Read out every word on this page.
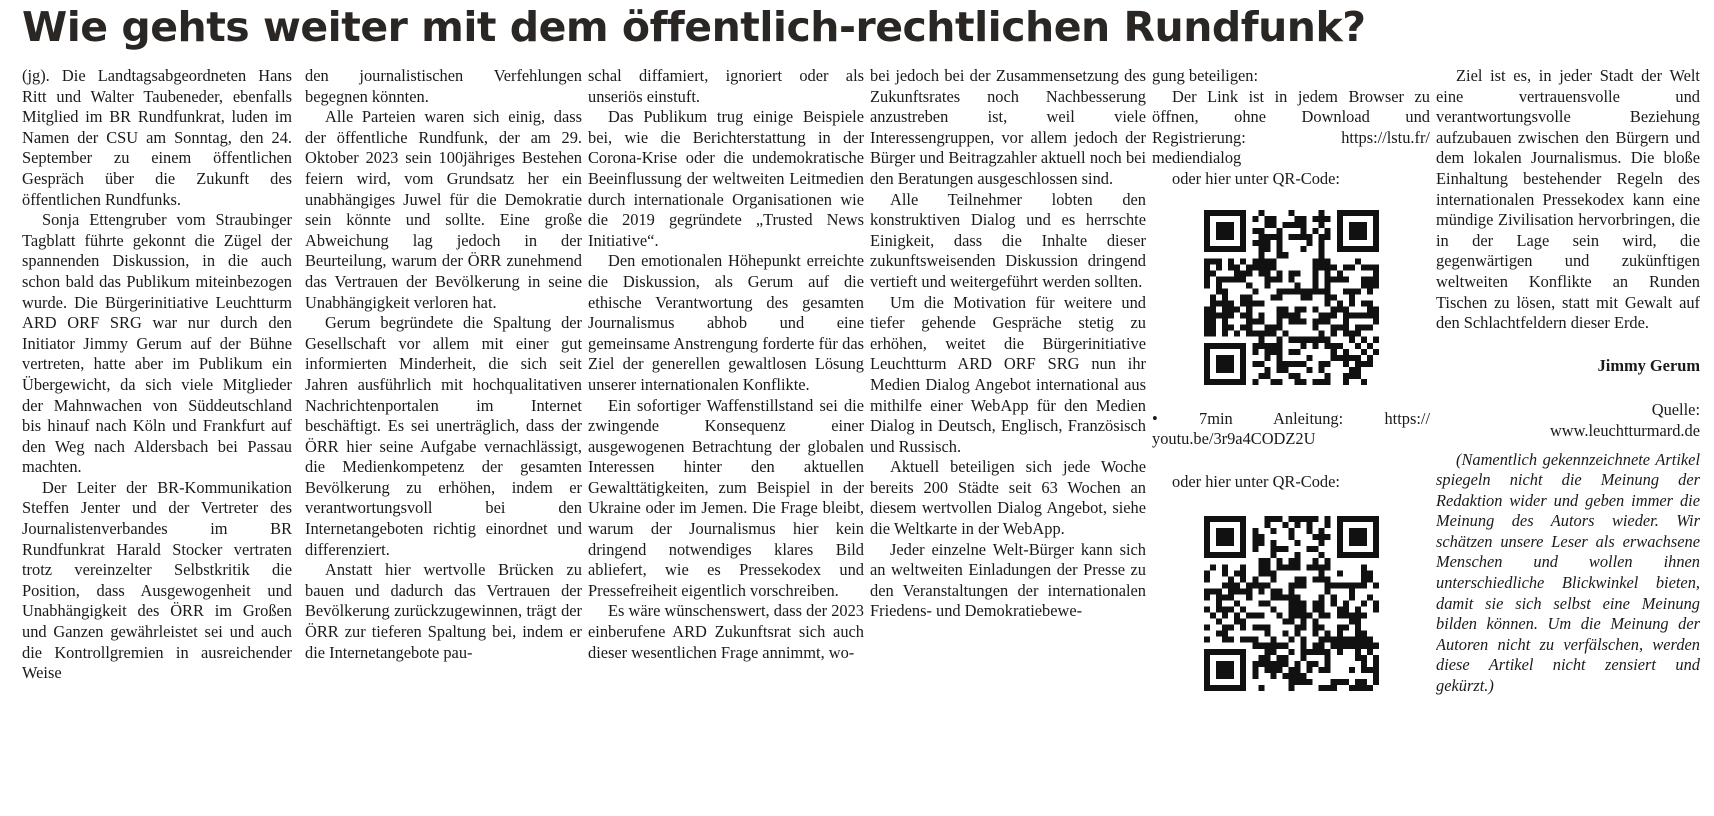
Wie gehts weiter mit dem öffentlich-rechtlichen Rundfunk?

(jg). Die Landtagsabgeordneten Hans Ritt und Walter Taubeneder, ebenfalls Mitglied im BR Rundfunkrat, luden im Namen der CSU am Sonntag, den 24. September zu einem öffentlichen Gespräch über die Zukunft des öffentlichen Rundfunks.

Sonja Ettengruber vom Straubinger Tagblatt führte gekonnt die Zügel der spannenden Diskussion, in die auch schon bald das Publikum miteinbezogen wurde. Die Bürgerinitiative Leuchtturm ARD ORF SRG war nur durch den Initiator Jimmy Gerum auf der Bühne vertreten, hatte aber im Publikum ein Übergewicht, da sich viele Mitglieder der Mahnwachen von Süddeutschland bis hinauf nach Köln und Frankfurt auf den Weg nach Aldersbach bei Passau machten.

Der Leiter der BR-Kommunikation Steffen Jenter und der Vertreter des Journalistenverbandes im BR Rundfunkrat Harald Stocker vertraten trotz vereinzelter Selbstkritik die Position, dass Ausgewogenheit und Unabhängigkeit des ÖRR im Großen und Ganzen gewährleistet sei und auch die Kontrollgremien in ausreichender Weise

den journalistischen Verfehlungen begegnen könnten.

Alle Parteien waren sich einig, dass der öffentliche Rundfunk, der am 29. Oktober 2023 sein 100jähriges Bestehen feiern wird, vom Grundsatz her ein unabhängiges Juwel für die Demokratie sein könnte und sollte. Eine große Abweichung lag jedoch in der Beurteilung, warum der ÖRR zunehmend das Vertrauen der Bevölkerung in seine Unabhängigkeit verloren hat.

Gerum begründete die Spaltung der Gesellschaft vor allem mit einer gut informierten Minderheit, die sich seit Jahren ausführlich mit hochqualitativen Nachrichtenportalen im Internet beschäftigt. Es sei unerträglich, dass der ÖRR hier seine Aufgabe vernachlässigt, die Medienkompetenz der gesamten Bevölkerung zu erhöhen, indem er verantwortungsvoll bei den Internetangeboten richtig einordnet und differenziert.

Anstatt hier wertvolle Brücken zu bauen und dadurch das Vertrauen der Bevölkerung zurückzugewinnen, trägt der ÖRR zur tieferen Spaltung bei, indem er die Internetangebote pau-

schal diffamiert, ignoriert oder als unseriös einstuft.

Das Publikum trug einige Beispiele bei, wie die Berichterstattung in der Corona-Krise oder die undemokratische Beeinflussung der weltweiten Leitmedien durch internationale Organisationen wie die 2019 gegründete „Trusted News Initiative“.

Den emotionalen Höhepunkt erreichte die Diskussion, als Gerum auf die ethische Verantwortung des gesamten Journalismus abhob und eine gemeinsame Anstrengung forderte für das Ziel der generellen gewaltlosen Lösung unserer internationalen Konflikte.

Ein sofortiger Waffenstillstand sei die zwingende Konsequenz einer ausgewogenen Betrachtung der globalen Interessen hinter den aktuellen Gewalttätigkeiten, zum Beispiel in der Ukraine oder im Jemen. Die Frage bleibt, warum der Journalismus hier kein dringend notwendiges klares Bild abliefert, wie es Pressekodex und Pressefreiheit eigentlich vorschreiben.

Es wäre wünschenswert, dass der 2023 einberufene ARD Zukunftsrat sich auch dieser wesentlichen Frage annimmt, wo-

bei jedoch bei der Zusammensetzung des Zukunftsrates noch Nachbesserung anzustreben ist, weil viele Interessengruppen, vor allem jedoch der Bürger und Beitragzahler aktuell noch bei den Beratungen ausgeschlossen sind.

Alle Teilnehmer lobten den konstruktiven Dialog und es herrschte Einigkeit, dass die Inhalte dieser zukunftsweisenden Diskussion dringend vertieft und weitergeführt werden sollten.

Um die Motivation für weitere und tiefer gehende Gespräche stetig zu erhöhen, weitet die Bürgerinitiative Leuchtturm ARD ORF SRG nun ihr Medien Dialog Angebot international aus mithilfe einer WebApp für den Medien Dialog in Deutsch, Englisch, Französisch und Russisch.

Aktuell beteiligen sich jede Woche bereits 200 Städte seit 63 Wochen an diesem wertvollen Dialog Angebot, siehe die Weltkarte in der WebApp.

Jeder einzelne Welt-Bürger kann sich an weltweiten Einladungen der Presse zu den Veranstaltungen der internationalen Friedens- und Demokratiebewe-

gung beteiligen:

Der Link ist in jedem Browser zu öffnen, ohne Download und Registrierung: https://lstu.fr/ mediendialog

oder hier unter QR-Code:

• 7min Anleitung: https:// youtu.be/3r9a4CODZ2U

oder hier unter QR-Code:

Ziel ist es, in jeder Stadt der Welt eine vertrauensvolle und verantwortungsvolle Beziehung aufzubauen zwischen den Bürgern und dem lokalen Journalismus. Die bloße Einhaltung bestehender Regeln des internationalen Pressekodex kann eine mündige Zivilisation hervorbringen, die in der Lage sein wird, die gegenwärtigen und zukünftigen weltweiten Konflikte an Runden Tischen zu lösen, statt mit Gewalt auf den Schlachtfeldern dieser Erde.

Jimmy Gerum

Quelle:

www.leuchtturmard.de

(Namentlich gekennzeichnete Artikel spiegeln nicht die Meinung der Redaktion wider und geben immer die Meinung des Autors wieder. Wir schätzen unsere Leser als erwachsene Menschen und wollen ihnen unterschiedliche Blickwinkel bieten, damit sie sich selbst eine Meinung bilden können. Um die Meinung der Autoren nicht zu verfälschen, werden diese Artikel nicht zensiert und gekürzt.)
